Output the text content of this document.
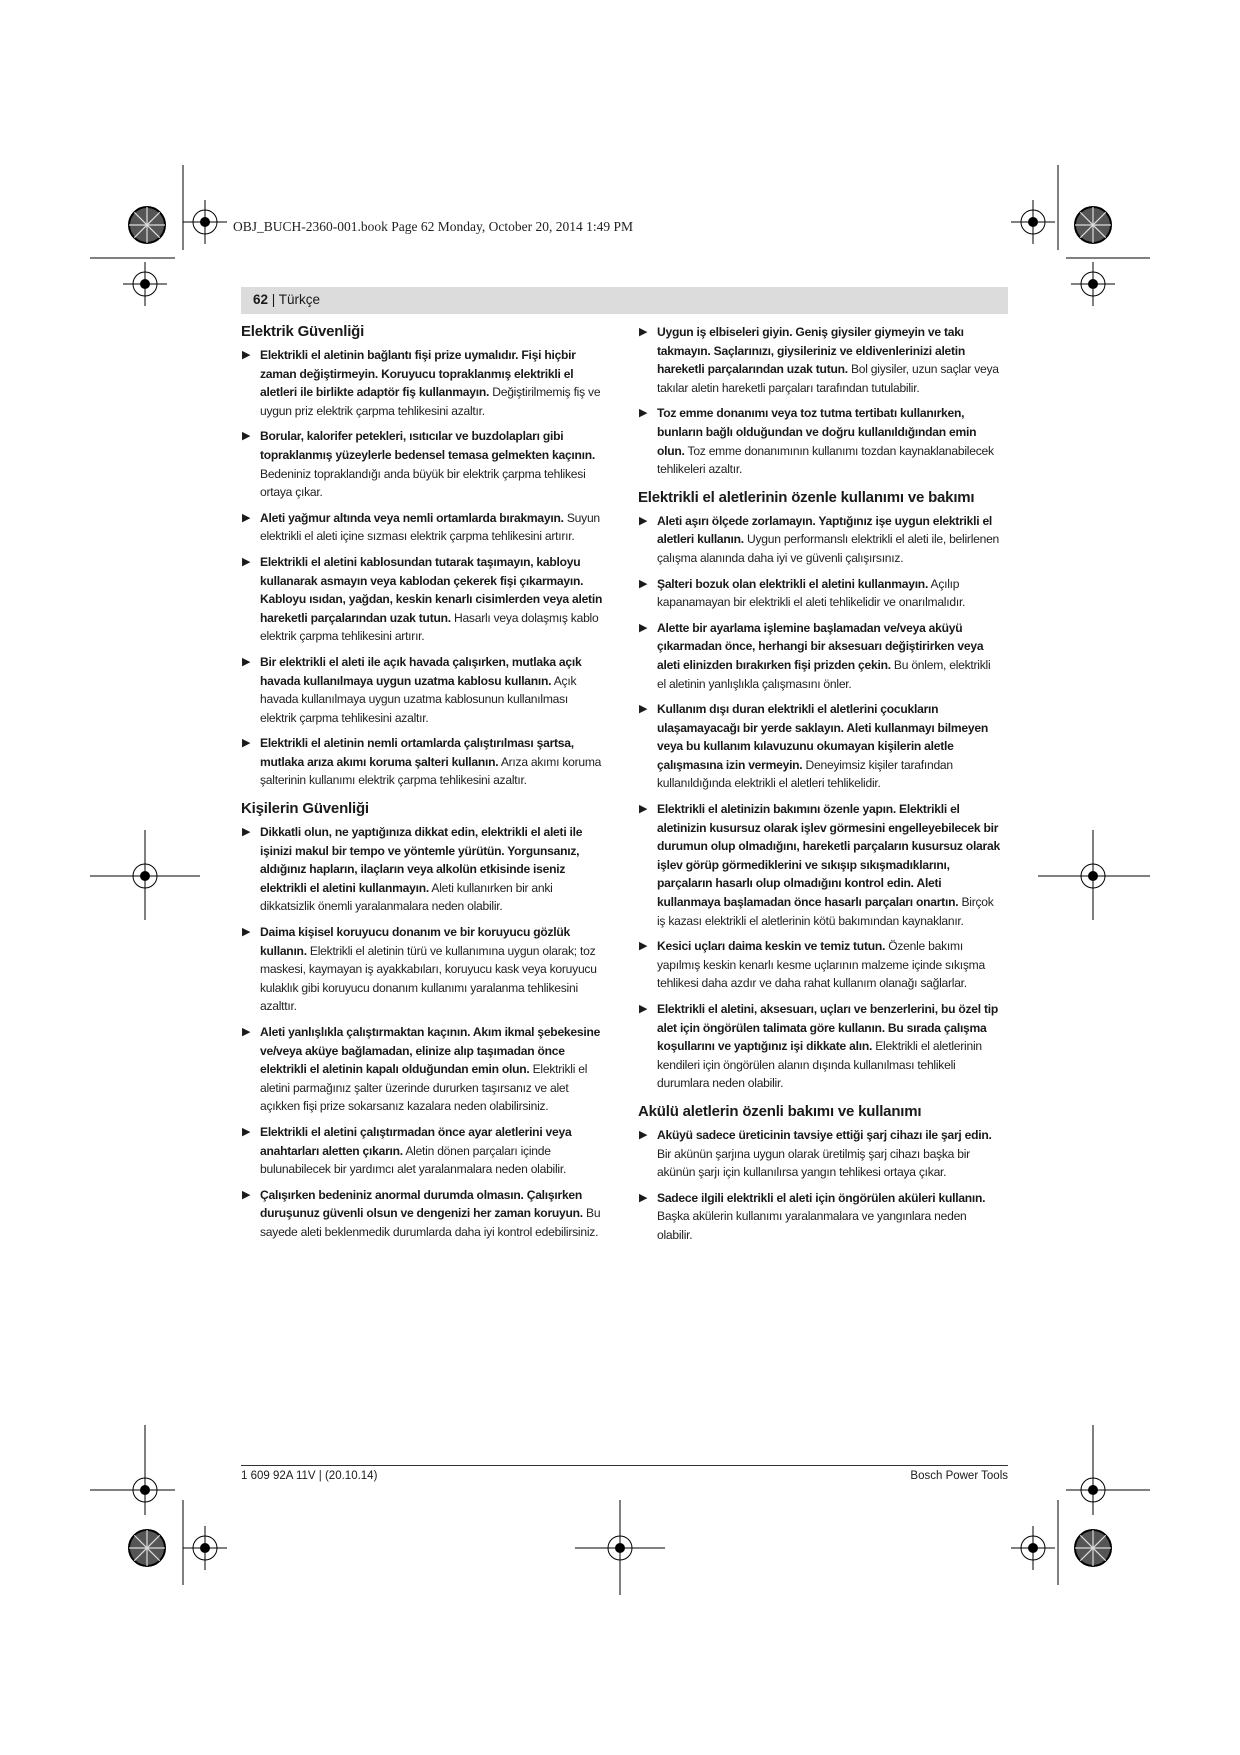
OBJ_BUCH-2360-001.book Page 62 Monday, October 20, 2014 1:49 PM
62 | Türkçe
Elektrik Güvenliği
▶ Elektrikli el aletinin bağlantı fişi prize uymalıdır. Fişi hiçbir zaman değiştirmeyin. Koruyucu topraklanmış elektrikli el aletleri ile birlikte adaptör fiş kullanmayın. Değiştirilmemiş fiş ve uygun priz elektrik çarpma tehlikesini azaltır.
▶ Borular, kalorifer petekleri, ısıtıcılar ve buzdolapları gibi topraklanmış yüzeylerle bedensel temasa gelmekten kaçının. Bedeniniz topraklandığı anda büyük bir elektrik çarpma tehlikesi ortaya çıkar.
▶ Aleti yağmur altında veya nemli ortamlarda bırakmayın. Suyun elektrikli el aleti içine sızması elektrik çarpma tehlikesini artırır.
▶ Elektrikli el aletini kablosundan tutarak taşımayın, kabloyu kullanarak asmayın veya kablodan çekerek fişi çıkarmayın. Kabloyu ısıdan, yağdan, keskin kenarlı cisimlerden veya aletin hareketli parçalarından uzak tutun. Hasarlı veya dolaşmış kablo elektrik çarpma tehlikesini artırır.
▶ Bir elektrikli el aleti ile açık havada çalışırken, mutlaka açık havada kullanılmaya uygun uzatma kablosu kullanın. Açık havada kullanılmaya uygun uzatma kablosunun kullanılması elektrik çarpma tehlikesini azaltır.
▶ Elektrikli el aletinin nemli ortamlarda çalıştırılması şartsa, mutlaka arıza akımı koruma şalteri kullanın. Arıza akımı koruma şalterinin kullanımı elektrik çarpma tehlikesini azaltır.
Kişilerin Güvenliği
▶ Dikkatli olun, ne yaptığınıza dikkat edin, elektrikli el aleti ile işinizi makul bir tempo ve yöntemle yürütün. Yorgunsanız, aldığınız hapların, ilaçların veya alkolün etkisinde iseniz elektrikli el aletini kullanmayın. Aleti kullanırken bir anki dikkatsizlik önemli yaralanmalara neden olabilir.
▶ Daima kişisel koruyucu donanım ve bir koruyucu gözlük kullanın. Elektrikli el aletinin türü ve kullanımına uygun olarak; toz maskesi, kaymayan iş ayakkabıları, koruyucu kask veya koruyucu kulaklık gibi koruyucu donanım kullanımı yaralanma tehlikesini azalttır.
▶ Aleti yanlışlıkla çalıştırmaktan kaçının. Akım ikmal şebekesine ve/veya aküye bağlamadan, elinize alıp taşımadan önce elektrikli el aletinin kapalı olduğundan emin olun. Elektrikli el aletini parmağınız şalter üzerinde dururken taşırsanız ve alet açıkken fişi prize sokarsanız kazalara neden olabilirsiniz.
▶ Elektrikli el aletini çalıştırmadan önce ayar aletlerini veya anahtarları aletten çıkarın. Aletin dönen parçaları içinde bulunabilecek bir yardımcı alet yaralanmalara neden olabilir.
▶ Çalışırken bedeniniz anormal durumda olmasın. Çalışırken duruşunuz güvenli olsun ve dengenizi her zaman koruyun. Bu sayede aleti beklenmedik durumlarda daha iyi kontrol edebilirsiniz.
▶ Uygun iş elbiseleri giyin. Geniş giysiler giymeyin ve takı takmayın. Saçlarınızı, giysileriniz ve eldivenlerinizi aletin hareketli parçalarından uzak tutun. Bol giysiler, uzun saçlar veya takılar aletin hareketli parçaları tarafından tutulabilir.
▶ Toz emme donanımı veya toz tutma tertibatı kullanırken, bunların bağlı olduğundan ve doğru kullanıldığından emin olun. Toz emme donanımının kullanımı tozdan kaynaklanabilecek tehlikeleri azaltır.
Elektrikli el aletlerinin özenle kullanımı ve bakımı
▶ Aleti aşırı ölçede zorlamayın. Yaptığınız işe uygun elektrikli el aletleri kullanın. Uygun performanslı elektrikli el aleti ile, belirlenen çalışma alanında daha iyi ve güvenli çalışırsınız.
▶ Şalteri bozuk olan elektrikli el aletini kullanmayın. Açılıp kapanamayan bir elektrikli el aleti tehlikelidir ve onarılmalıdır.
▶ Alette bir ayarlama işlemine başlamadan ve/veya aküyü çıkarmadan önce, herhangi bir aksesuarı değiştirirken veya aleti elinizden bırakırken fişi prizden çekin. Bu önlem, elektrikli el aletinin yanlışlıkla çalışmasını önler.
▶ Kullanım dışı duran elektrikli el aletlerini çocukların ulaşamayacağı bir yerde saklayın. Aleti kullanmayı bilmeyen veya bu kullanım kılavuzunu okumayan kişilerin aletle çalışmasına izin vermeyin. Deneyimsiz kişiler tarafından kullanıldığında elektrikli el aletleri tehlikelidir.
▶ Elektrikli el aletinizin bakımını özenle yapın. Elektrikli el aletinizin kusursuz olarak işlev görmesini engelleyebilecek bir durumun olup olmadığını, hareketli parçaların kusursuz olarak işlev görüp görmediklerini ve sıkışıp sıkışmadıklarını, parçaların hasarlı olup olmadığını kontrol edin. Aleti kullanmaya başlamadan önce hasarlı parçaları onartın. Birçok iş kazası elektrikli el aletlerinin kötü bakımından kaynaklanır.
▶ Kesici uçları daima keskin ve temiz tutun. Özenle bakımı yapılmış keskin kenarlı kesme uçlarının malzeme içinde sıkışma tehlikesi daha azdır ve daha rahat kullanım olanağı sağlarlar.
▶ Elektrikli el aletini, aksesuarı, uçları ve benzerlerini, bu özel tip alet için öngörülen talimata göre kullanın. Bu sırada çalışma koşullarını ve yaptığınız işi dikkate alın. Elektrikli el aletlerinin kendileri için öngörülen alanın dışında kullanılması tehlikeli durumlara neden olabilir.
Akülü aletlerin özenli bakımı ve kullanımı
▶ Aküyü sadece üreticinin tavsiye ettiği şarj cihazı ile şarj edin. Bir akünün şarjına uygun olarak üretilmiş şarj cihazı başka bir akünün şarjı için kullanılırsa yangın tehlikesi ortaya çıkar.
▶ Sadece ilgili elektrikli el aleti için öngörülen aküleri kullanın. Başka akülerin kullanımı yaralanmalara ve yangınlara neden olabilir.
1 609 92A 11V | (20.10.14)	Bosch Power Tools
